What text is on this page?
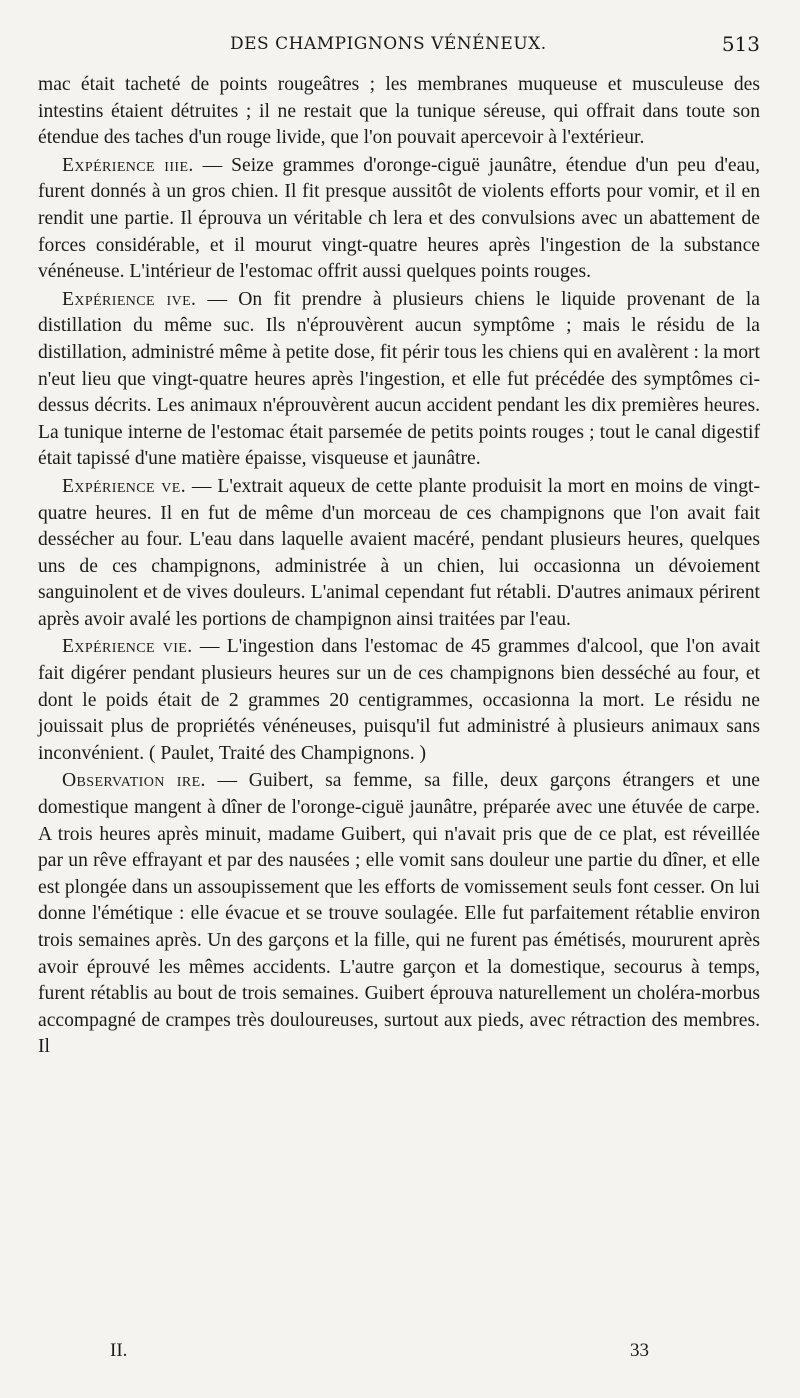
DES CHAMPIGNONS VÉNÉNEUX.	513

mac était tacheté de points rougeâtres ; les membranes muqueuse et musculeuse des intestins étaient détruites ; il ne restait que la tunique séreuse, qui offrait dans toute son étendue des taches d'un rouge livide, que l'on pouvait apercevoir à l'extérieur.

Expérience iiie. — Seize grammes d'oronge-ciguë jaunâtre, étendue d'un peu d'eau, furent donnés à un gros chien. Il fit presque aussitôt de violents efforts pour vomir, et il en rendit une partie. Il éprouva un véritable ch lera et des convulsions avec un abattement de forces considérable, et il mourut vingt-quatre heures après l'ingestion de la substance vénéneuse. L'intérieur de l'estomac offrit aussi quelques points rouges.

Expérience ive. — On fit prendre à plusieurs chiens le liquide provenant de la distillation du même suc. Ils n'éprouvèrent aucun symptôme ; mais le résidu de la distillation, administré même à petite dose, fit périr tous les chiens qui en avalèrent : la mort n'eut lieu que vingt-quatre heures après l'ingestion, et elle fut précédée des symptômes ci-dessus décrits. Les animaux n'éprouvèrent aucun accident pendant les dix premières heures. La tunique interne de l'estomac était parsemée de petits points rouges ; tout le canal digestif était tapissé d'une matière épaisse, visqueuse et jaunâtre.

Expérience ve. — L'extrait aqueux de cette plante produisit la mort en moins de vingt-quatre heures. Il en fut de même d'un morceau de ces champignons que l'on avait fait dessécher au four. L'eau dans laquelle avaient macéré, pendant plusieurs heures, quelques uns de ces champignons, administrée à un chien, lui occasionna un dévoiement sanguinolent et de vives douleurs. L'animal cependant fut rétabli. D'autres animaux périrent après avoir avalé les portions de champignon ainsi traitées par l'eau.

Expérience vie. — L'ingestion dans l'estomac de 45 grammes d'alcool, que l'on avait fait digérer pendant plusieurs heures sur un de ces champignons bien desséché au four, et dont le poids était de 2 grammes 20 centigrammes, occasionna la mort. Le résidu ne jouissait plus de propriétés vénéneuses, puisqu'il fut administré à plusieurs animaux sans inconvénient. ( Paulet, Traité des Champignons. )

Observation ire. — Guibert, sa femme, sa fille, deux garçons étrangers et une domestique mangent à dîner de l'oronge-ciguë jaunâtre, préparée avec une étuvée de carpe. A trois heures après minuit, madame Guibert, qui n'avait pris que de ce plat, est réveillée par un rêve effrayant et par des nausées ; elle vomit sans douleur une partie du dîner, et elle est plongée dans un assoupissement que les efforts de vomissement seuls font cesser. On lui donne l'émétique : elle évacue et se trouve soulagée. Elle fut parfaitement rétablie environ trois semaines après. Un des garçons et la fille, qui ne furent pas émétisés, moururent après avoir éprouvé les mêmes accidents. L'autre garçon et la domestique, secourus à temps, furent rétablis au bout de trois semaines. Guibert éprouva naturellement un choléra-morbus accompagné de crampes très douloureuses, surtout aux pieds, avec rétraction des membres. Il

II.	33
